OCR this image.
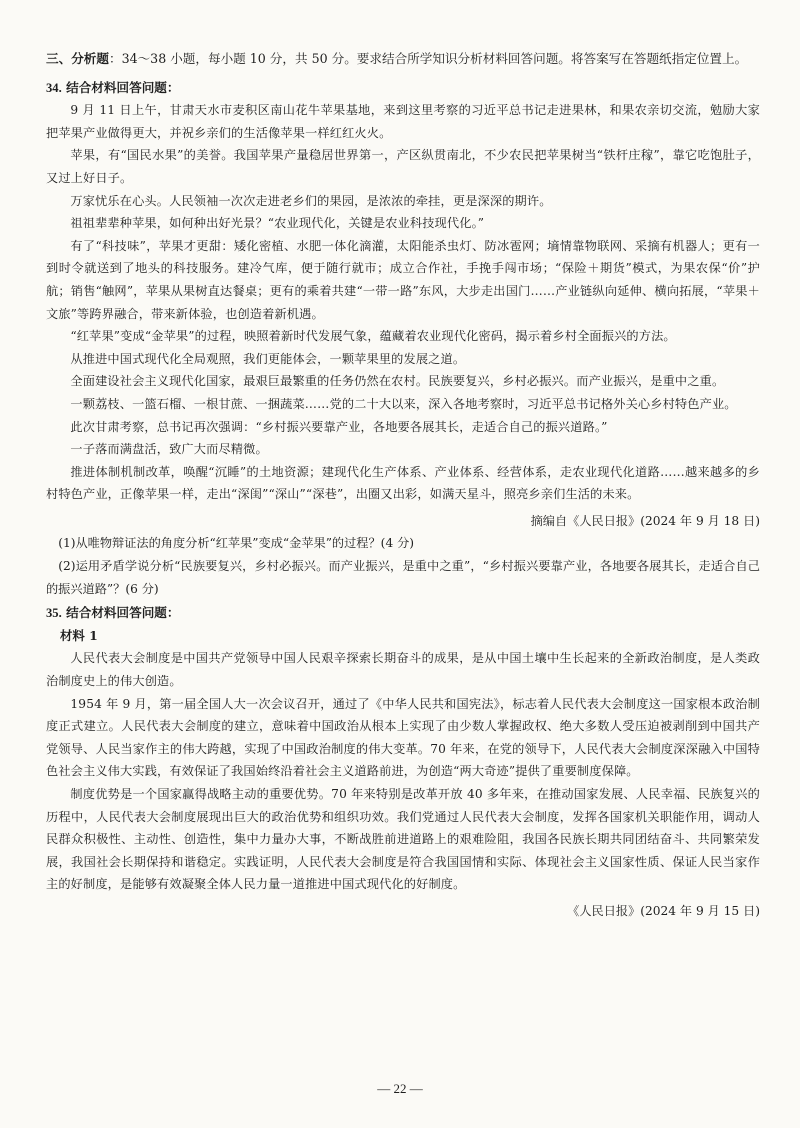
三、分析题：34～38 小题，每小题 10 分，共 50 分。要求结合所学知识分析材料回答问题。将答案写在答题纸指定位置上。

34. 结合材料回答问题：

9 月 11 日上午，甘肃天水市麦积区南山花牛苹果基地，来到这里考察的习近平总书记走进果林，和果农亲切交流，勉励大家把苹果产业做得更大，并祝乡亲们的生活像苹果一样红红火火。

苹果，有“国民水果”的美誉。我国苹果产量稳居世界第一，产区纵贯南北，不少农民把苹果树当“铁杆庄稼”，靠它吃饱肚子，又过上好日子。

万家忧乐在心头。人民领袖一次次走进老乡们的果园，是浓浓的牵挂，更是深深的期许。

祖祖辈辈种苹果，如何种出好光景？“农业现代化，关键是农业科技现代化。”

有了“科技味”，苹果才更甜：矮化密植、水肥一体化滴灌，太阳能杀虫灯、防冰雹网；墒情靠物联网、采摘有机器人；更有一到时令就送到了地头的科技服务。建冷气库，便于随行就市；成立合作社，手挽手闯市场；“保险＋期货”模式，为果农保“价”护航；销售“触网”，苹果从果树直达餐桌；更有的乘着共建“一带一路”东风，大步走出国门……产业链纵向延伸、横向拓展，“苹果＋文旅”等跨界融合，带来新体验，也创造着新机遇。

“红苹果”变成“金苹果”的过程，映照着新时代发展气象，蕴藏着农业现代化密码，揭示着乡村全面振兴的方法。

从推进中国式现代化全局观照，我们更能体会，一颗苹果里的发展之道。

全面建设社会主义现代化国家，最艰巨最繁重的任务仍然在农村。民族要复兴，乡村必振兴。而产业振兴，是重中之重。

一颗荔枝、一篮石榴、一根甘蔗、一捆蔬菜……党的二十大以来，深入各地考察时，习近平总书记格外关心乡村特色产业。

此次甘肃考察，总书记再次强调：“乡村振兴要靠产业，各地要各展其长，走适合自己的振兴道路。”

一子落而满盘活，致广大而尽精微。

推进体制机制改革，唤醒“沉睡”的土地资源；建现代化生产体系、产业体系、经营体系，走农业现代化道路……越来越多的乡村特色产业，正像苹果一样，走出“深闺”“深山”“深巷”，出圈又出彩，如满天星斗，照亮乡亲们生活的未来。

摘编自《人民日报》(2024 年 9 月 18 日)

(1)从唯物辩证法的角度分析“红苹果”变成“金苹果”的过程？(4 分)

(2)运用矛盾学说分析“民族要复兴，乡村必振兴。而产业振兴，是重中之重”，“乡村振兴要靠产业，各地要各展其长，走适合自己的振兴道路”？(6 分)

35. 结合材料回答问题：

材料 1

人民代表大会制度是中国共产党领导中国人民艰辛探索长期奋斗的成果，是从中国土壤中生长起来的全新政治制度，是人类政治制度史上的伟大创造。

1954 年 9 月，第一届全国人大一次会议召开，通过了《中华人民共和国宪法》，标志着人民代表大会制度这一国家根本政治制度正式建立。人民代表大会制度的建立，意味着中国政治从根本上实现了由少数人掌握政权、绝大多数人受压迫被剥削到中国共产党领导、人民当家作主的伟大跨越，实现了中国政治制度的伟大变革。70 年来，在党的领导下，人民代表大会制度深深融入中国特色社会主义伟大实践，有效保证了我国始终沿着社会主义道路前进，为创造“两大奇迹”提供了重要制度保障。

制度优势是一个国家赢得战略主动的重要优势。70 年来特别是改革开放 40 多年来，在推动国家发展、人民幸福、民族复兴的历程中，人民代表大会制度展现出巨大的政治优势和组织功效。我们党通过人民代表大会制度，发挥各国家机关职能作用，调动人民群众积极性、主动性、创造性，集中力量办大事，不断战胜前进道路上的艰难险阻，我国各民族长期共同团结奋斗、共同繁荣发展，我国社会长期保持和谐稳定。实践证明，人民代表大会制度是符合我国国情和实际、体现社会主义国家性质、保证人民当家作主的好制度，是能够有效凝聚全体人民力量一道推进中国式现代化的好制度。

《人民日报》(2024 年 9 月 15 日)

— 22 —
